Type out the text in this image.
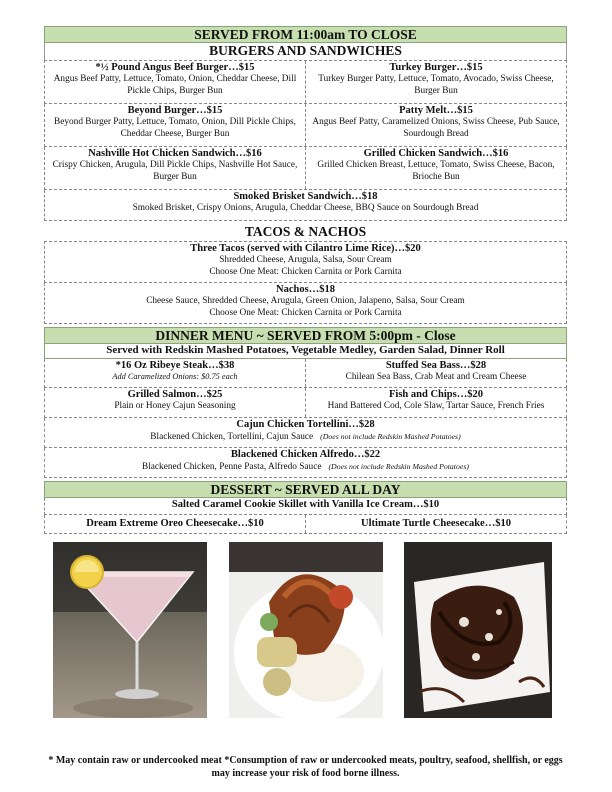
SERVED FROM 11:00am TO CLOSE
BURGERS AND SANDWICHES
*½ Pound Angus Beef Burger…$15
Angus Beef Patty, Lettuce, Tomato, Onion, Cheddar Cheese, Dill Pickle Chips, Burger Bun
Turkey Burger…$15
Turkey Burger Patty, Lettuce, Tomato, Avocado, Swiss Cheese, Burger Bun
Beyond Burger…$15
Beyond Burger Patty, Lettuce, Tomato, Onion, Dill Pickle Chips, Cheddar Cheese, Burger Bun
Patty Melt…$15
Angus Beef Patty, Caramelized Onions, Swiss Cheese, Pub Sauce, Sourdough Bread
Nashville Hot Chicken Sandwich…$16
Crispy Chicken, Arugula, Dill Pickle Chips, Nashville Hot Sauce, Burger Bun
Grilled Chicken Sandwich…$16
Grilled Chicken Breast, Lettuce, Tomato, Swiss Cheese, Bacon, Brioche Bun
Smoked Brisket Sandwich…$18
Smoked Brisket, Crispy Onions, Arugula, Cheddar Cheese, BBQ Sauce on Sourdough Bread
TACOS & NACHOS
Three Tacos (served with Cilantro Lime Rice)…$20
Shredded Cheese, Arugula, Salsa, Sour Cream
Choose One Meat: Chicken Carnita or Pork Carnita
Nachos…$18
Cheese Sauce, Shredded Cheese, Arugula, Green Onion, Jalapeno, Salsa, Sour Cream
Choose One Meat: Chicken Carnita or Pork Carnita
DINNER MENU ~ SERVED FROM 5:00pm - Close
Served with Redskin Mashed Potatoes, Vegetable Medley, Garden Salad, Dinner Roll
*16 Oz Ribeye Steak…$38
Add Caramelized Onions: $0.75 each
Stuffed Sea Bass…$28
Chilean Sea Bass, Crab Meat and Cream Cheese
Grilled Salmon…$25
Plain or Honey Cajun Seasoning
Fish and Chips…$20
Hand Battered Cod, Cole Slaw, Tartar Sauce, French Fries
Cajun Chicken Tortellini…$28
Blackened Chicken, Tortellini, Cajun Sauce (Does not include Redskin Mashed Potatoes)
Blackened Chicken Alfredo…$22
Blackened Chicken, Penne Pasta, Alfredo Sauce (Does not include Redskin Mashed Potatoes)
DESSERT ~ SERVED ALL DAY
Salted Caramel Cookie Skillet with Vanilla Ice Cream…$10
Dream Extreme Oreo Cheesecake…$10	Ultimate Turtle Cheesecake…$10
* May contain raw or undercooked meat *Consumption of raw or undercooked meats, poultry, seafood, shellfish, or eggs may increase your risk of food borne illness.
